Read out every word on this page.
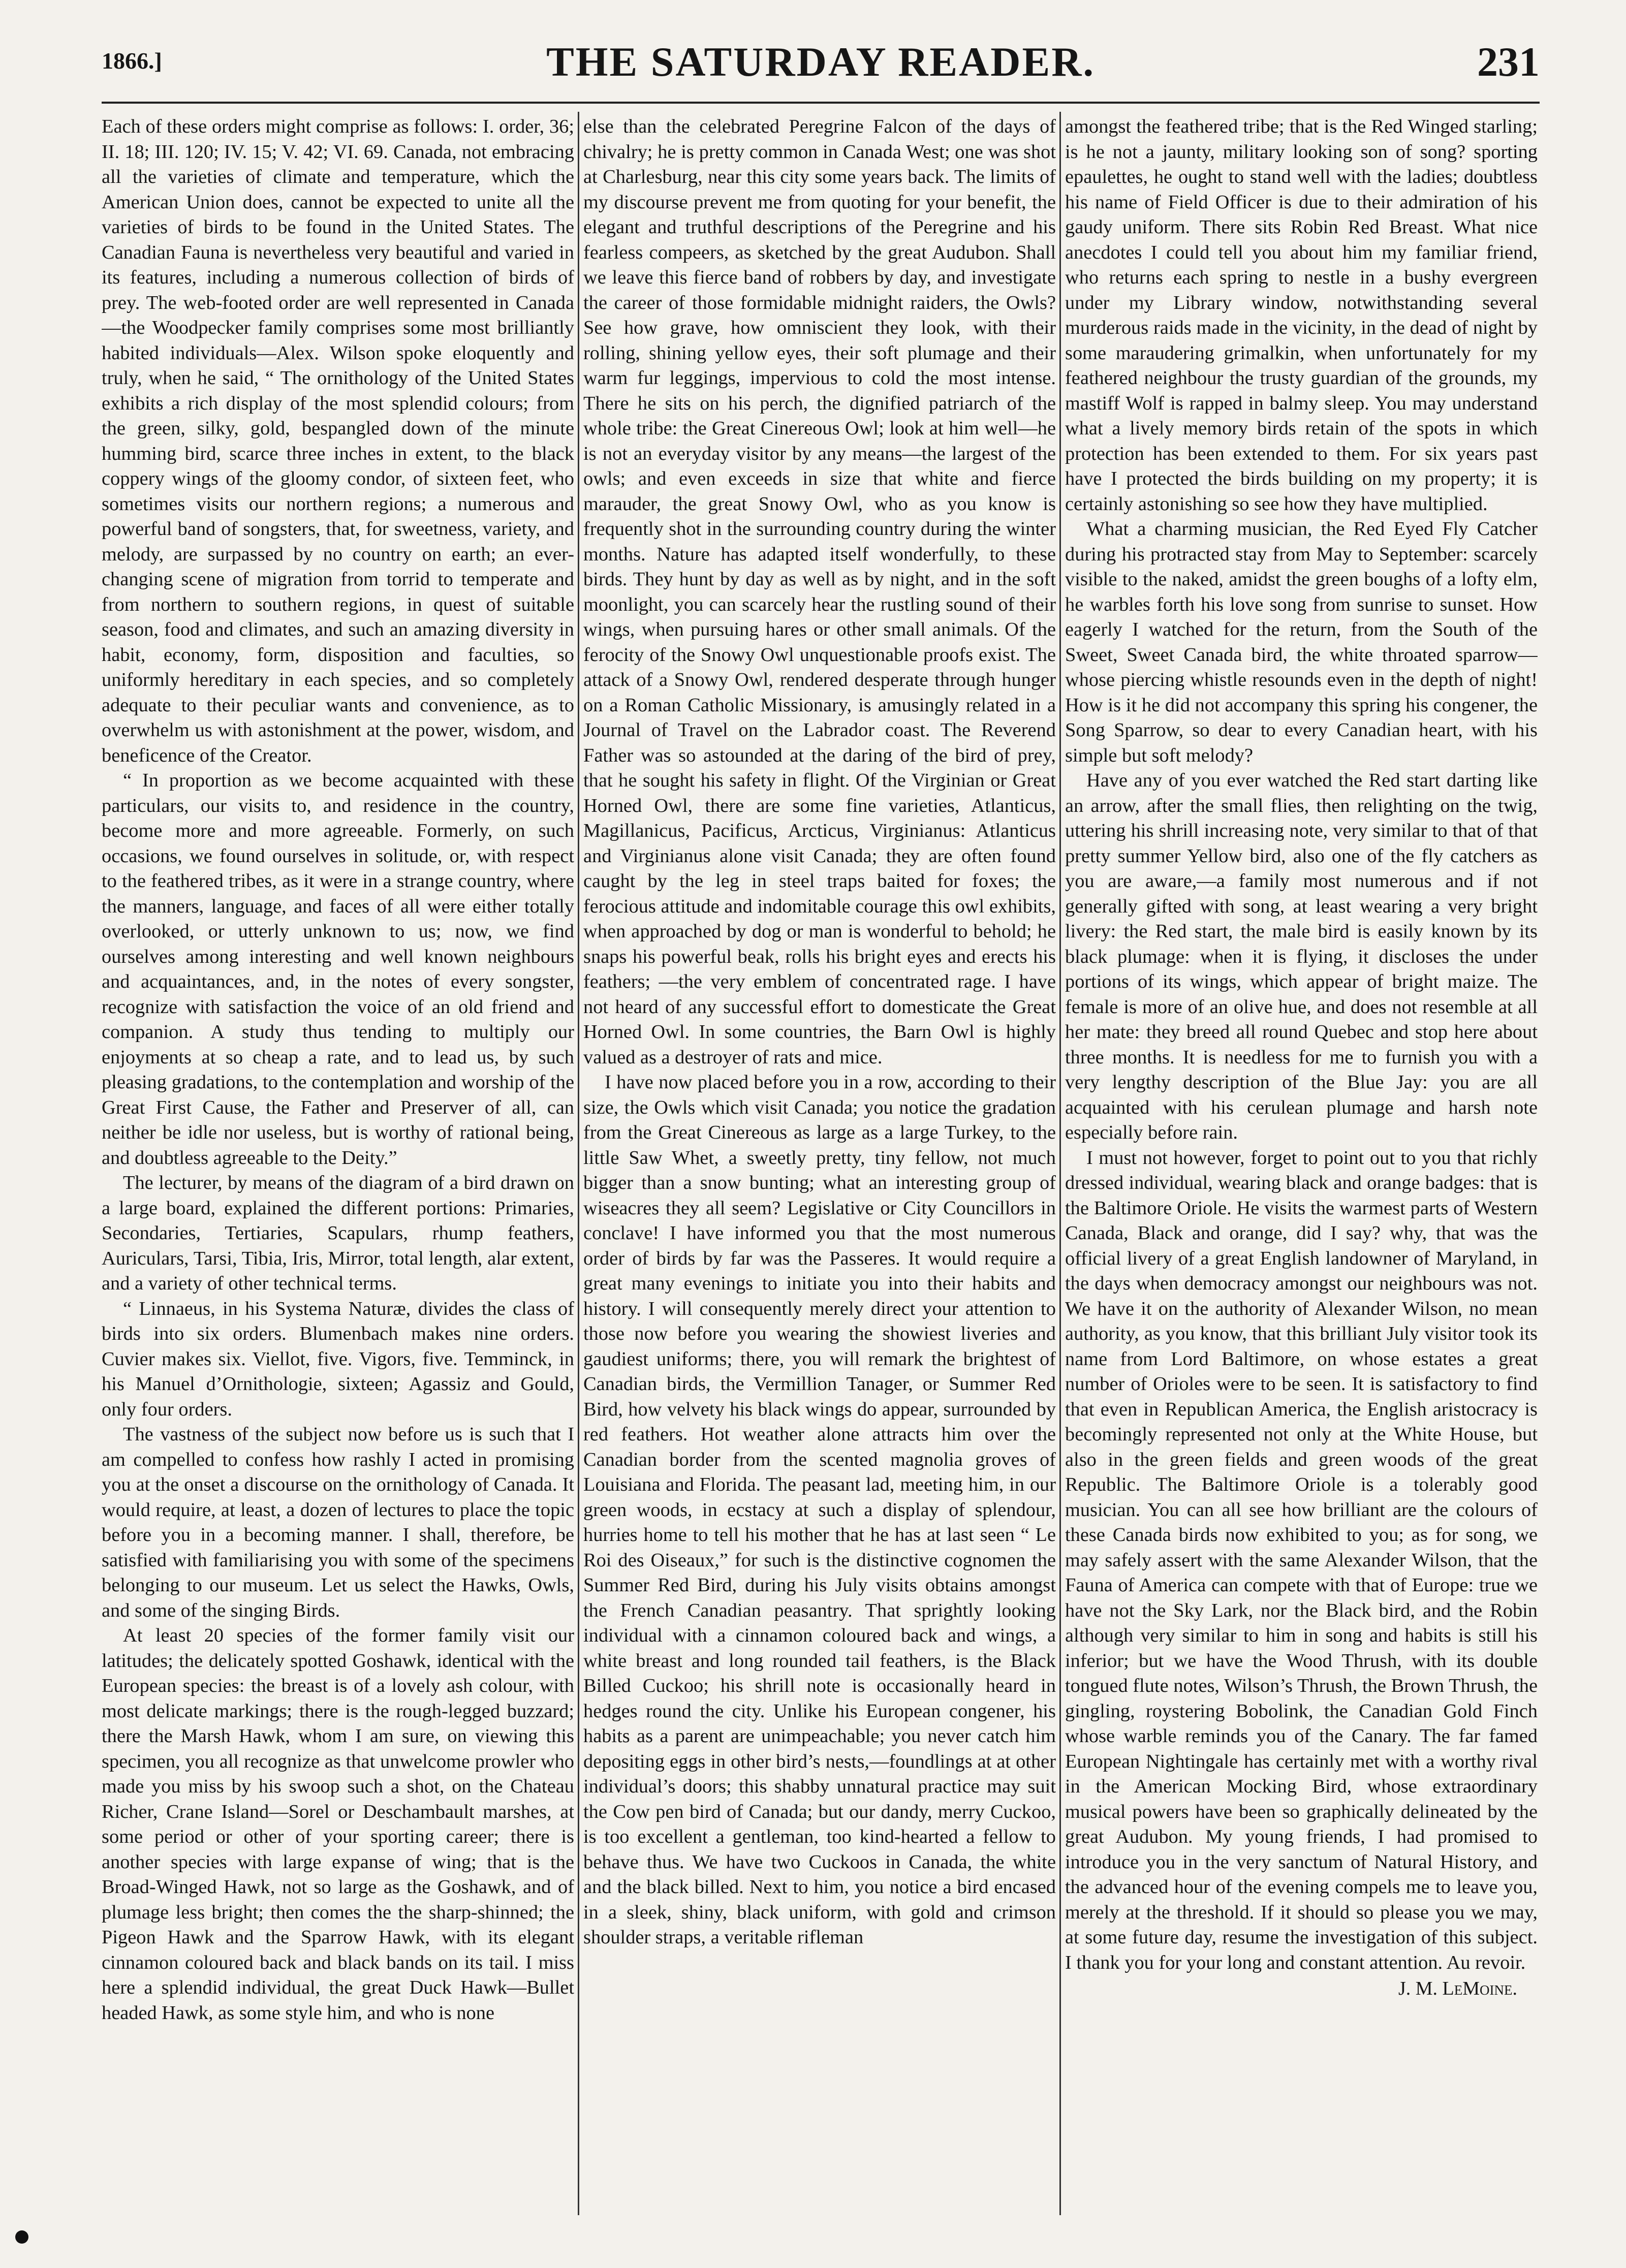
1866.]	THE SATURDAY READER.	231

Each of these orders might comprise as follows: I. order, 36; II. 18; III. 120; IV. 15; V. 42; VI. 69. Canada, not embracing all the varieties of climate and temperature, which the American Union does, cannot be expected to unite all the varieties of birds to be found in the United States. The Canadian Fauna is nevertheless very beautiful and varied in its features, including a numerous collection of birds of prey. The web-footed order are well represented in Canada—the Woodpecker family comprises some most brilliantly habited individuals—Alex. Wilson spoke eloquently and truly, when he said, “ The ornithology of the United States exhibits a rich display of the most splendid colours; from the green, silky, gold, bespangled down of the minute humming bird, scarce three inches in extent, to the black coppery wings of the gloomy condor, of sixteen feet, who sometimes visits our northern regions; a numerous and powerful band of songsters, that, for sweetness, variety, and melody, are surpassed by no country on earth; an ever-changing scene of migration from torrid to temperate and from northern to southern regions, in quest of suitable season, food and climates, and such an amazing diversity in habit, economy, form, disposition and faculties, so uniformly hereditary in each species, and so completely adequate to their peculiar wants and convenience, as to overwhelm us with astonishment at the power, wisdom, and beneficence of the Creator.

“ In proportion as we become acquainted with these particulars, our visits to, and residence in the country, become more and more agreeable. Formerly, on such occasions, we found ourselves in solitude, or, with respect to the feathered tribes, as it were in a strange country, where the manners, language, and faces of all were either totally overlooked, or utterly unknown to us; now, we find ourselves among interesting and well known neighbours and acquaintances, and, in the notes of every songster, recognize with satisfaction the voice of an old friend and companion. A study thus tending to multiply our enjoyments at so cheap a rate, and to lead us, by such pleasing gradations, to the contemplation and worship of the Great First Cause, the Father and Preserver of all, can neither be idle nor useless, but is worthy of rational being, and doubtless agreeable to the Deity.”

The lecturer, by means of the diagram of a bird drawn on a large board, explained the different portions: Primaries, Secondaries, Tertiaries, Scapulars, rhump feathers, Auriculars, Tarsi, Tibia, Iris, Mirror, total length, alar extent, and a variety of other technical terms.

“ Linnaeus, in his Systema Naturæ, divides the class of birds into six orders. Blumenbach makes nine orders. Cuvier makes six. Viellot, five. Vigors, five. Temminck, in his Manuel d’Ornithologie, sixteen; Agassiz and Gould, only four orders.

The vastness of the subject now before us is such that I am compelled to confess how rashly I acted in promising you at the onset a discourse on the ornithology of Canada. It would require, at least, a dozen of lectures to place the topic before you in a becoming manner. I shall, therefore, be satisfied with familiarising you with some of the specimens belonging to our museum. Let us select the Hawks, Owls, and some of the singing Birds.

At least 20 species of the former family visit our latitudes; the delicately spotted Goshawk, identical with the European species: the breast is of a lovely ash colour, with most delicate markings; there is the rough-legged buzzard; there the Marsh Hawk, whom I am sure, on viewing this specimen, you all recognize as that unwelcome prowler who made you miss by his swoop such a shot, on the Chateau Richer, Crane Island—Sorel or Deschambault marshes, at some period or other of your sporting career; there is another species with large expanse of wing; that is the Broad-Winged Hawk, not so large as the Goshawk, and of plumage less bright; then comes the the sharp-shinned; the Pigeon Hawk and the Sparrow Hawk, with its elegant cinnamon coloured back and black bands on its tail. I miss here a splendid individual, the great Duck Hawk—Bullet headed Hawk, as some style him, and who is none

else than the celebrated Peregrine Falcon of the days of chivalry; he is pretty common in Canada West; one was shot at Charlesburg, near this city some years back. The limits of my discourse prevent me from quoting for your benefit, the elegant and truthful descriptions of the Peregrine and his fearless compeers, as sketched by the great Audubon. Shall we leave this fierce band of robbers by day, and investigate the career of those formidable midnight raiders, the Owls? See how grave, how omniscient they look, with their rolling, shining yellow eyes, their soft plumage and their warm fur leggings, impervious to cold the most intense. There he sits on his perch, the dignified patriarch of the whole tribe: the Great Cinereous Owl; look at him well—he is not an everyday visitor by any means—the largest of the owls; and even exceeds in size that white and fierce marauder, the great Snowy Owl, who as you know is frequently shot in the surrounding country during the winter months. Nature has adapted itself wonderfully, to these birds. They hunt by day as well as by night, and in the soft moonlight, you can scarcely hear the rustling sound of their wings, when pursuing hares or other small animals. Of the ferocity of the Snowy Owl unquestionable proofs exist. The attack of a Snowy Owl, rendered desperate through hunger on a Roman Catholic Missionary, is amusingly related in a Journal of Travel on the Labrador coast. The Reverend Father was so astounded at the daring of the bird of prey, that he sought his safety in flight. Of the Virginian or Great Horned Owl, there are some fine varieties, Atlanticus, Magillanicus, Pacificus, Arcticus, Virginianus: Atlanticus and Virginianus alone visit Canada; they are often found caught by the leg in steel traps baited for foxes; the ferocious attitude and indomitable courage this owl exhibits, when approached by dog or man is wonderful to behold; he snaps his powerful beak, rolls his bright eyes and erects his feathers; —the very emblem of concentrated rage. I have not heard of any successful effort to domesticate the Great Horned Owl. In some countries, the Barn Owl is highly valued as a destroyer of rats and mice.

I have now placed before you in a row, according to their size, the Owls which visit Canada; you notice the gradation from the Great Cinereous as large as a large Turkey, to the little Saw Whet, a sweetly pretty, tiny fellow, not much bigger than a snow bunting; what an interesting group of wiseacres they all seem? Legislative or City Councillors in conclave! I have informed you that the most numerous order of birds by far was the Passeres. It would require a great many evenings to initiate you into their habits and history. I will consequently merely direct your attention to those now before you wearing the showiest liveries and gaudiest uniforms; there, you will remark the brightest of Canadian birds, the Vermillion Tanager, or Summer Red Bird, how velvety his black wings do appear, surrounded by red feathers. Hot weather alone attracts him over the Canadian border from the scented magnolia groves of Louisiana and Florida. The peasant lad, meeting him, in our green woods, in ecstacy at such a display of splendour, hurries home to tell his mother that he has at last seen “ Le Roi des Oiseaux,” for such is the distinctive cognomen the Summer Red Bird, during his July visits obtains amongst the French Canadian peasantry. That sprightly looking individual with a cinnamon coloured back and wings, a white breast and long rounded tail feathers, is the Black Billed Cuckoo; his shrill note is occasionally heard in hedges round the city. Unlike his European congener, his habits as a parent are unimpeachable; you never catch him depositing eggs in other bird’s nests,—foundlings at at other individual’s doors; this shabby unnatural practice may suit the Cow pen bird of Canada; but our dandy, merry Cuckoo, is too excellent a gentleman, too kind-hearted a fellow to behave thus. We have two Cuckoos in Canada, the white and the black billed. Next to him, you notice a bird encased in a sleek, shiny, black uniform, with gold and crimson shoulder straps, a veritable rifleman

amongst the feathered tribe; that is the Red Winged starling; is he not a jaunty, military looking son of song? sporting epaulettes, he ought to stand well with the ladies; doubtless his name of Field Officer is due to their admiration of his gaudy uniform. There sits Robin Red Breast. What nice anecdotes I could tell you about him my familiar friend, who returns each spring to nestle in a bushy evergreen under my Library window, notwithstanding several murderous raids made in the vicinity, in the dead of night by some maraudering grimalkin, when unfortunately for my feathered neighbour the trusty guardian of the grounds, my mastiff Wolf is rapped in balmy sleep. You may understand what a lively memory birds retain of the spots in which protection has been extended to them. For six years past have I protected the birds building on my property; it is certainly astonishing so see how they have multiplied.

What a charming musician, the Red Eyed Fly Catcher during his protracted stay from May to September: scarcely visible to the naked, amidst the green boughs of a lofty elm, he warbles forth his love song from sunrise to sunset. How eagerly I watched for the return, from the South of the Sweet, Sweet Canada bird, the white throated sparrow—whose piercing whistle resounds even in the depth of night! How is it he did not accompany this spring his congener, the Song Sparrow, so dear to every Canadian heart, with his simple but soft melody?

Have any of you ever watched the Red start darting like an arrow, after the small flies, then relighting on the twig, uttering his shrill increasing note, very similar to that of that pretty summer Yellow bird, also one of the fly catchers as you are aware,—a family most numerous and if not generally gifted with song, at least wearing a very bright livery: the Red start, the male bird is easily known by its black plumage: when it is flying, it discloses the under portions of its wings, which appear of bright maize. The female is more of an olive hue, and does not resemble at all her mate: they breed all round Quebec and stop here about three months. It is needless for me to furnish you with a very lengthy description of the Blue Jay: you are all acquainted with his cerulean plumage and harsh note especially before rain.

I must not however, forget to point out to you that richly dressed individual, wearing black and orange badges: that is the Baltimore Oriole. He visits the warmest parts of Western Canada, Black and orange, did I say? why, that was the official livery of a great English landowner of Maryland, in the days when democracy amongst our neighbours was not. We have it on the authority of Alexander Wilson, no mean authority, as you know, that this brilliant July visitor took its name from Lord Baltimore, on whose estates a great number of Orioles were to be seen. It is satisfactory to find that even in Republican America, the English aristocracy is becomingly represented not only at the White House, but also in the green fields and green woods of the great Republic. The Baltimore Oriole is a tolerably good musician. You can all see how brilliant are the colours of these Canada birds now exhibited to you; as for song, we may safely assert with the same Alexander Wilson, that the Fauna of America can compete with that of Europe: true we have not the Sky Lark, nor the Black bird, and the Robin although very similar to him in song and habits is still his inferior; but we have the Wood Thrush, with its double tongued flute notes, Wilson’s Thrush, the Brown Thrush, the gingling, roystering Bobolink, the Canadian Gold Finch whose warble reminds you of the Canary. The far famed European Nightingale has certainly met with a worthy rival in the American Mocking Bird, whose extraordinary musical powers have been so graphically delineated by the great Audubon. My young friends, I had promised to introduce you in the very sanctum of Natural History, and the advanced hour of the evening compels me to leave you, merely at the threshold. If it should so please you we may, at some future day, resume the investigation of this subject. I thank you for your long and constant attention. Au revoir.

J. M. LeMoine.
